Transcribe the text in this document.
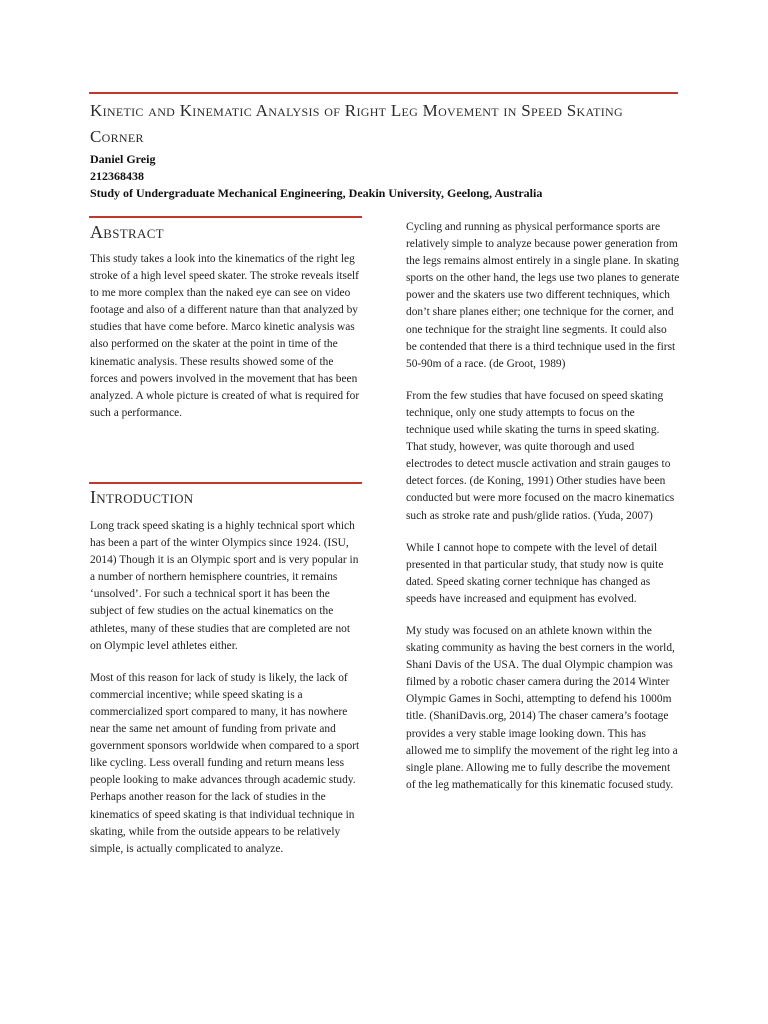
Kinetic and Kinematic Analysis of Right Leg Movement in Speed Skating Corner
Daniel Greig
212368438
Study of Undergraduate Mechanical Engineering, Deakin University, Geelong, Australia
Abstract

This study takes a look into the kinematics of the right leg stroke of a high level speed skater. The stroke reveals itself to me more complex than the naked eye can see on video footage and also of a different nature than that analyzed by studies that have come before. Marco kinetic analysis was also performed on the skater at the point in time of the kinematic analysis. These results showed some of the forces and powers involved in the movement that has been analyzed. A whole picture is created of what is required for such a performance.

Introduction

Long track speed skating is a highly technical sport which has been a part of the winter Olympics since 1924. (ISU, 2014) Though it is an Olympic sport and is very popular in a number of northern hemisphere countries, it remains ‘unsolved’. For such a technical sport it has been the subject of few studies on the actual kinematics on the athletes, many of these studies that are completed are not on Olympic level athletes either.

Most of this reason for lack of study is likely, the lack of commercial incentive; while speed skating is a commercialized sport compared to many, it has nowhere near the same net amount of funding from private and government sponsors worldwide when compared to a sport like cycling. Less overall funding and return means less people looking to make advances through academic study. Perhaps another reason for the lack of studies in the kinematics of speed skating is that individual technique in skating, while from the outside appears to be relatively simple, is actually complicated to analyze.

Cycling and running as physical performance sports are relatively simple to analyze because power generation from the legs remains almost entirely in a single plane. In skating sports on the other hand, the legs use two planes to generate power and the skaters use two different techniques, which don’t share planes either; one technique for the corner, and one technique for the straight line segments. It could also be contended that there is a third technique used in the first 50-90m of a race. (de Groot, 1989)

From the few studies that have focused on speed skating technique, only one study attempts to focus on the technique used while skating the turns in speed skating. That study, however, was quite thorough and used electrodes to detect muscle activation and strain gauges to detect forces. (de Koning, 1991) Other studies have been conducted but were more focused on the macro kinematics such as stroke rate and push/glide ratios. (Yuda, 2007)

While I cannot hope to compete with the level of detail presented in that particular study, that study now is quite dated. Speed skating corner technique has changed as speeds have increased and equipment has evolved.

My study was focused on an athlete known within the skating community as having the best corners in the world, Shani Davis of the USA. The dual Olympic champion was filmed by a robotic chaser camera during the 2014 Winter Olympic Games in Sochi, attempting to defend his 1000m title. (ShaniDavis.org, 2014) The chaser camera’s footage provides a very stable image looking down. This has allowed me to simplify the movement of the right leg into a single plane. Allowing me to fully describe the movement of the leg mathematically for this kinematic focused study.
